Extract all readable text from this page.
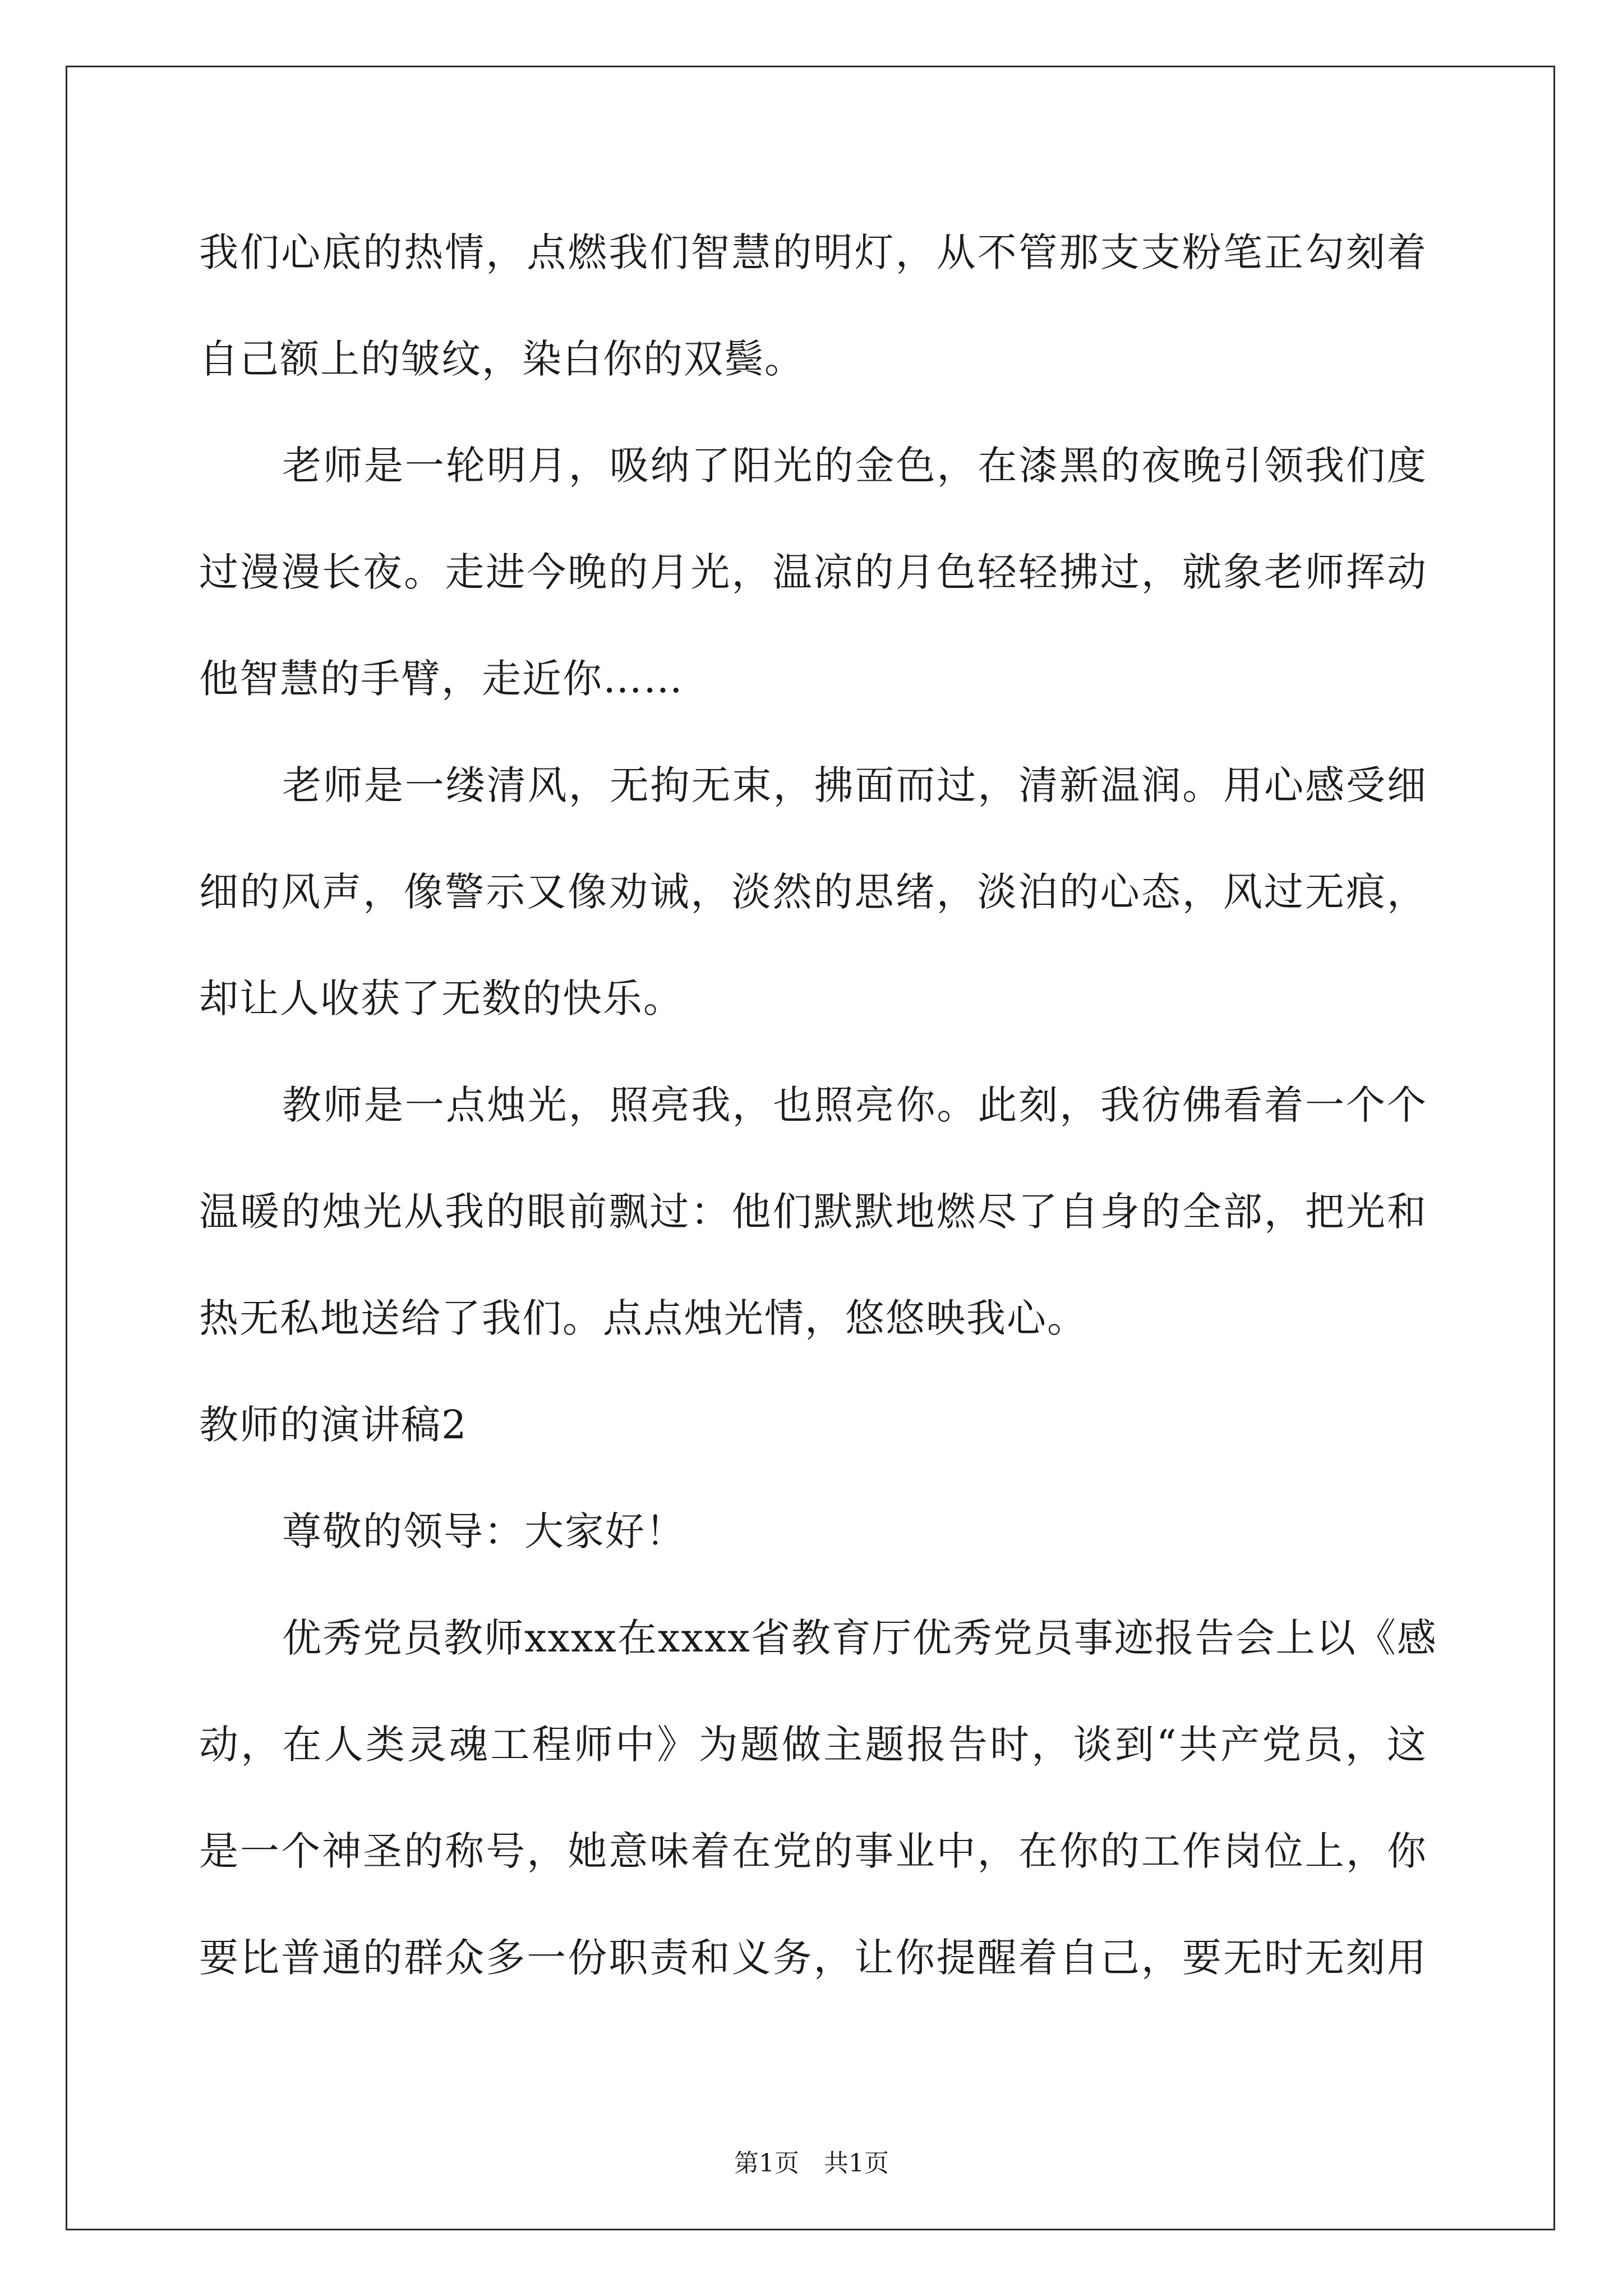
我们心底的热情，点燃我们智慧的明灯，从不管那支支粉笔正勾刻着
自己额上的皱纹，染白你的双鬓。
老师是一轮明月，吸纳了阳光的金色，在漆黑的夜晚引领我们度
过漫漫长夜。走进今晚的月光，温凉的月色轻轻拂过，就象老师挥动
他智慧的手臂，走近你……
老师是一缕清风，无拘无束，拂面而过，清新温润。用心感受细
细的风声，像警示又像劝诫，淡然的思绪，淡泊的心态，风过无痕，
却让人收获了无数的快乐。
教师是一点烛光，照亮我，也照亮你。此刻，我彷佛看着一个个
温暖的烛光从我的眼前飘过：他们默默地燃尽了自身的全部，把光和
热无私地送给了我们。点点烛光情，悠悠映我心。
教师的演讲稿2
尊敬的领导：大家好！
优秀党员教师xxxx在xxxx省教育厅优秀党员事迹报告会上以《感
动，在人类灵魂工程师中》为题做主题报告时，谈到“共产党员，这
是一个神圣的称号，她意味着在党的事业中，在你的工作岗位上，你
要比普通的群众多一份职责和义务，让你提醒着自己，要无时无刻用
第1页　共1页
